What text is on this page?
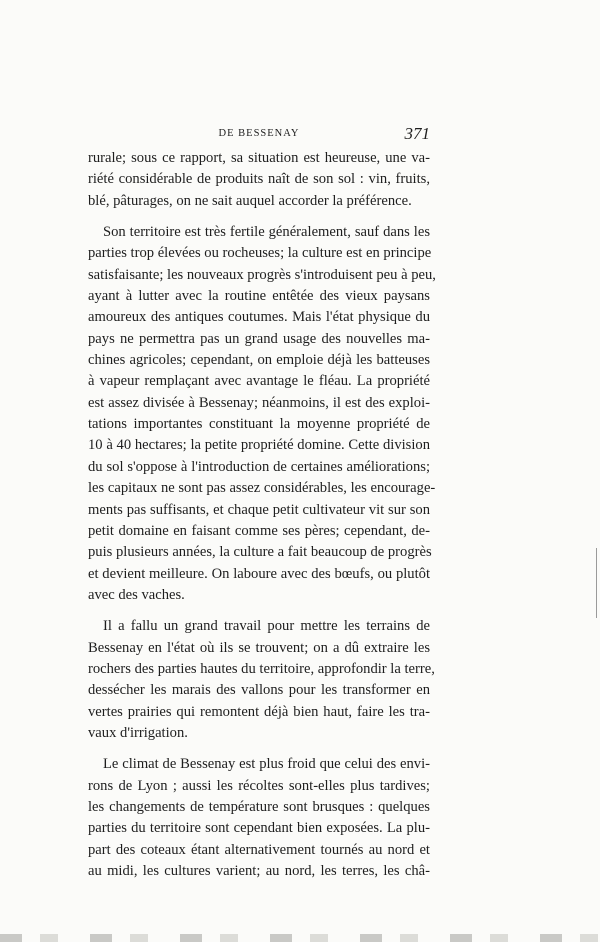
DE BESSENAY	371
rurale; sous ce rapport, sa situation est heureuse, une va-
riété considérable de produits naît de son sol : vin, fruits,
blé, pâturages, on ne sait auquel accorder la préférence.
Son territoire est très fertile généralement, sauf dans les
parties trop élevées ou rocheuses; la culture est en principe
satisfaisante; les nouveaux progrès s'introduisent peu à peu,
ayant à lutter avec la routine entêtée des vieux paysans
amoureux des antiques coutumes. Mais l'état physique du
pays ne permettra pas un grand usage des nouvelles ma-
chines agricoles; cependant, on emploie déjà les batteuses
à vapeur remplaçant avec avantage le fléau. La propriété
est assez divisée à Bessenay; néanmoins, il est des exploi-
tations importantes constituant la moyenne propriété de
10 à 40 hectares; la petite propriété domine. Cette division
du sol s'oppose à l'introduction de certaines améliorations;
les capitaux ne sont pas assez considérables, les encourage-
ments pas suffisants, et chaque petit cultivateur vit sur son
petit domaine en faisant comme ses pères; cependant, de-
puis plusieurs années, la culture a fait beaucoup de progrès
et devient meilleure. On laboure avec des bœufs, ou plutôt
avec des vaches.
Il a fallu un grand travail pour mettre les terrains de
Bessenay en l'état où ils se trouvent; on a dû extraire les
rochers des parties hautes du territoire, approfondir la terre,
dessécher les marais des vallons pour les transformer en
vertes prairies qui remontent déjà bien haut, faire les tra-
vaux d'irrigation.
Le climat de Bessenay est plus froid que celui des envi-
rons de Lyon ; aussi les récoltes sont-elles plus tardives;
les changements de température sont brusques : quelques
parties du territoire sont cependant bien exposées. La plu-
part des coteaux étant alternativement tournés au nord et
au midi, les cultures varient; au nord, les terres, les châ-
